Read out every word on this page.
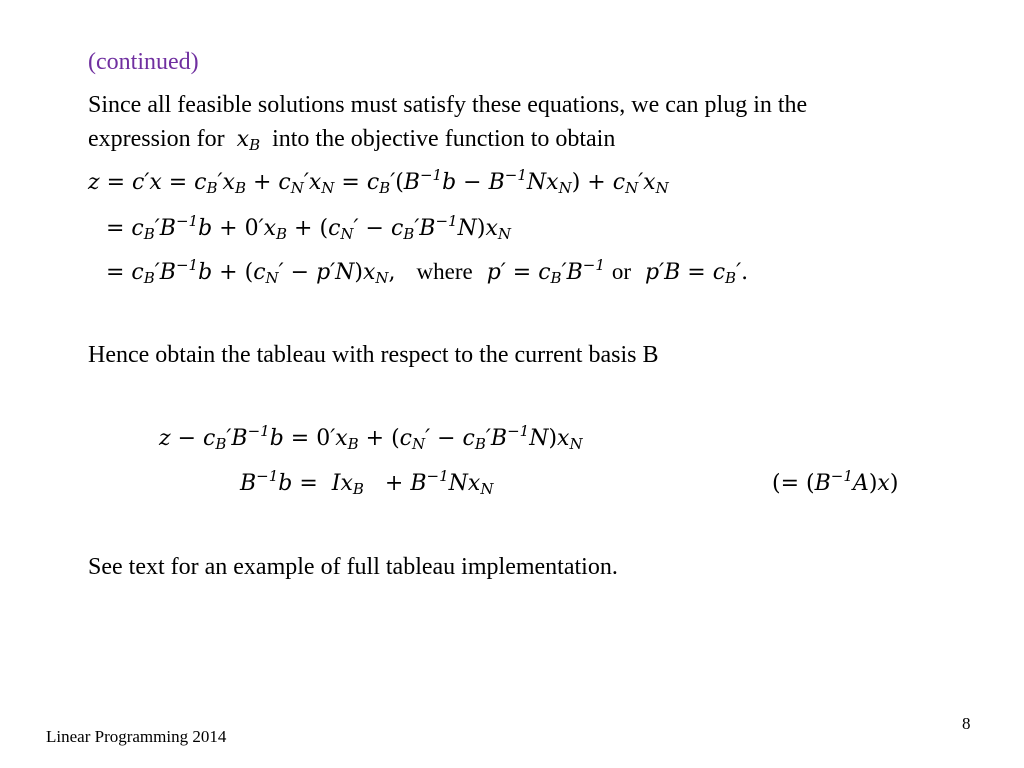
(continued)
Since all feasible solutions must satisfy these equations, we can plug in the
expression for $x_B$ into the objective function to obtain
$z = c'x = c_B'x_B + c_N'x_N = c_B'(B^{-1}b - B^{-1}Nx_N) + c_N'x_N$
= $c_B'B^{-1}b + 0'x_B + (c_N' - c_B'B^{-1}N)x_N$
= $c_B'B^{-1}b + (c_N' - p'N)x_N$, where  $p' = c_B'B^{-1}$ or  $p'B = c_B'$.
Hence obtain the tableau with respect to the current basis B
$z - c_B'B^{-1}b = 0'x_B + (c_N' - c_B'B^{-1}N)x_N$
$B^{-1}b = Ix_B + B^{-1}Nx_N$	(= $(B^{-1}A)x$)
See text for an example of full tableau implementation.
Linear Programming 2014
8
